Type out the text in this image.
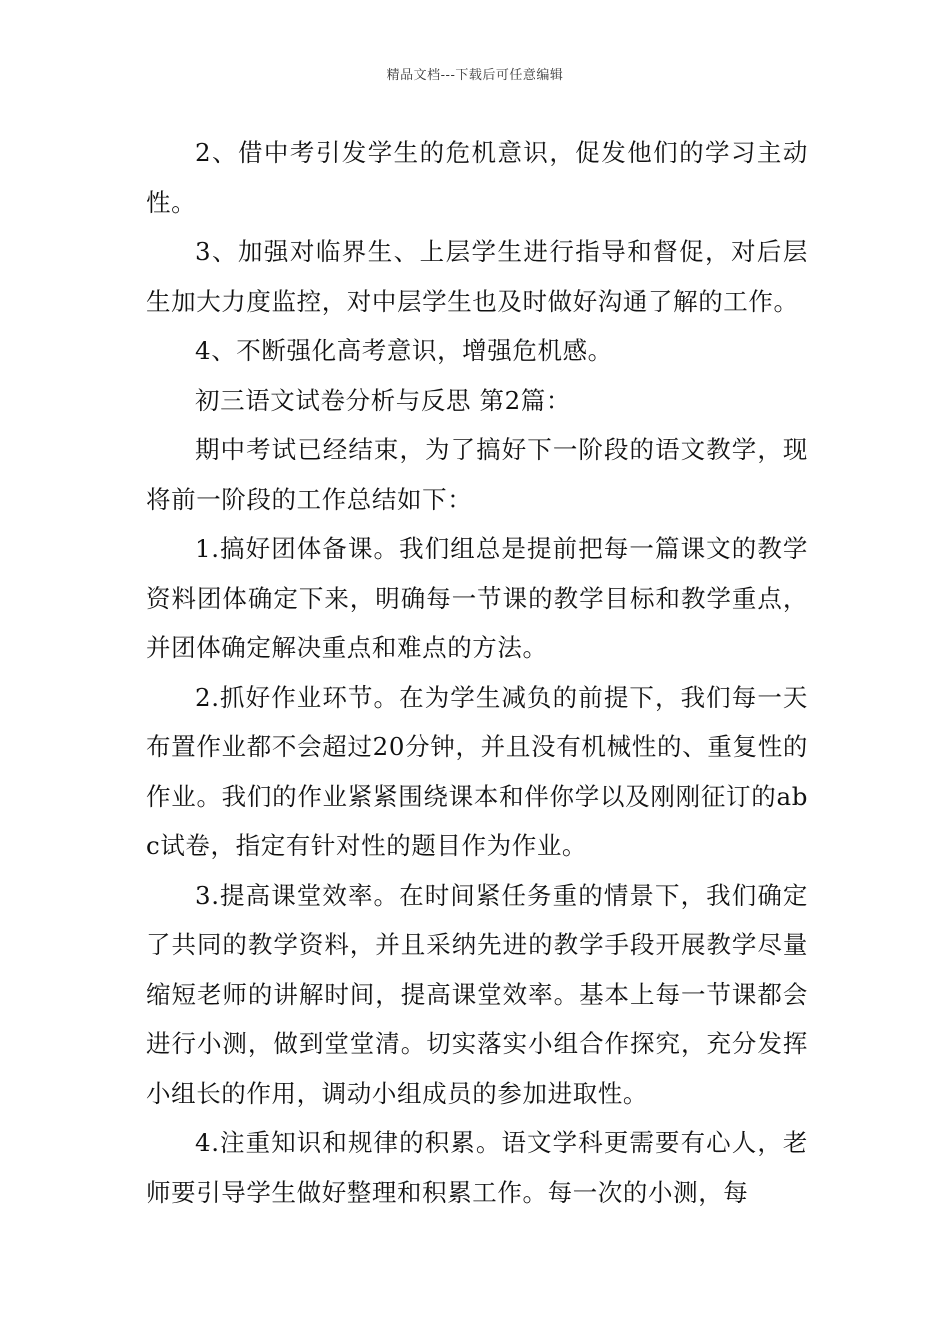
精品文档---下载后可任意编辑

2、借中考引发学生的危机意识，促发他们的学习主动性。

3、加强对临界生、上层学生进行指导和督促，对后层生加大力度监控，对中层学生也及时做好沟通了解的工作。

4、不断强化高考意识，增强危机感。

初三语文试卷分析与反思 第2篇：

期中考试已经结束，为了搞好下一阶段的语文教学，现将前一阶段的工作总结如下：

1.搞好团体备课。我们组总是提前把每一篇课文的教学资料团体确定下来，明确每一节课的教学目标和教学重点，并团体确定解决重点和难点的方法。

2.抓好作业环节。在为学生减负的前提下，我们每一天布置作业都不会超过20分钟，并且没有机械性的、重复性的作业。我们的作业紧紧围绕课本和伴你学以及刚刚征订的abc试卷，指定有针对性的题目作为作业。

3.提高课堂效率。在时间紧任务重的情景下，我们确定了共同的教学资料，并且采纳先进的教学手段开展教学尽量缩短老师的讲解时间，提高课堂效率。基本上每一节课都会进行小测，做到堂堂清。切实落实小组合作探究，充分发挥小组长的作用，调动小组成员的参加进取性。

4.注重知识和规律的积累。语文学科更需要有心人，老师要引导学生做好整理和积累工作。每一次的小测，每
